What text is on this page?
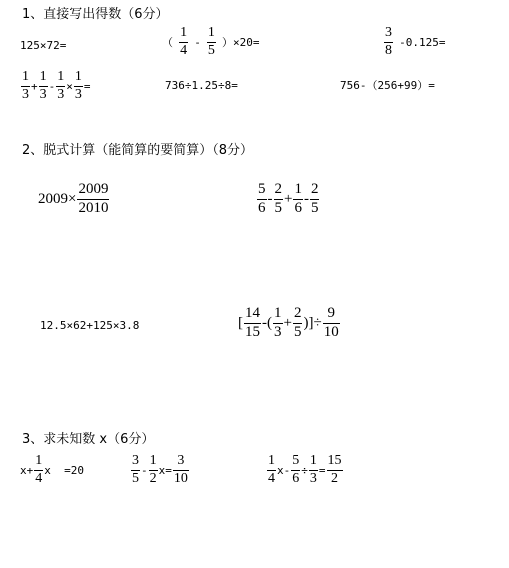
1、直接写出得数（6分）
125×72=	（ $\frac{1}{4} - \frac{1}{5} )\times 20=$	$\frac{3}{8} -0.125=$
$\frac{1}{3} + \frac{1}{3} - \frac{1}{3} \times \frac{1}{3}$ =	736÷1.25÷8=	756-（256+99）=
2、脱式计算（能简算的要简算）（8分）
$2009\times \frac{2009}{2010}$	$\frac{5}{6} - \frac{2}{5} + \frac{1}{6} - \frac{2}{5}$
12.5×62+125×3.8	[ $\frac{14}{15}$ -( $\frac{1}{3} + \frac{2}{5}$ )]÷ $\frac{9}{10}$
3、求未知数 x（6分）
$x+ \frac{1}{4}$ x  =20	$\frac{3}{5} - \frac{1}{2} x= \frac{3}{10}$	$\frac{1}{4} x- \frac{5}{6} \div \frac{1}{3} = \frac{15}{2}$
